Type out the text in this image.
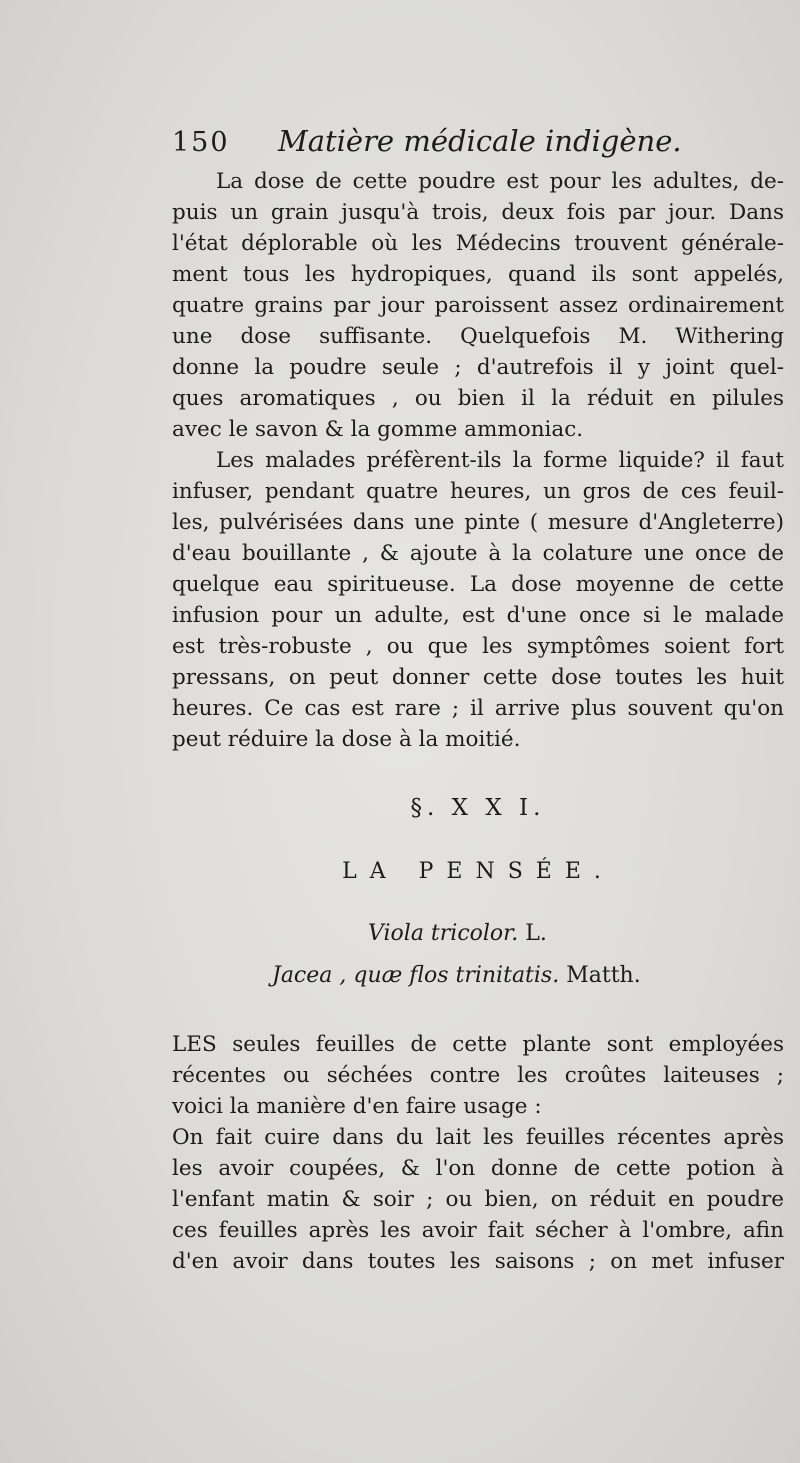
150	Matière médicale indigène.
La dose de cette poudre est pour les adultes, de-
puis un grain jusqu'à trois, deux fois par jour. Dans
l'état déplorable où les Médecins trouvent générale-
ment tous les hydropiques, quand ils sont appelés,
quatre grains par jour paroissent assez ordinairement
une dose suffisante. Quelquefois M. Withering
donne la poudre seule ; d'autrefois il y joint quel-
ques aromatiques , ou bien il la réduit en pilules
avec le savon & la gomme ammoniac.
Les malades préfèrent-ils la forme liquide? il faut
infuser, pendant quatre heures, un gros de ces feuil-
les, pulvérisées dans une pinte ( mesure d'Angleterre)
d'eau bouillante , & ajoute à la colature une once de
quelque eau spiritueuse. La dose moyenne de cette
infusion pour un adulte, est d'une once si le malade
est très-robuste , ou que les symptômes soient fort
pressans, on peut donner cette dose toutes les huit
heures. Ce cas est rare ; il arrive plus souvent qu'on
peut réduire la dose à la moitié.
§. X X I.
LA PENSÉE.
Viola tricolor. L.
Jacea , quæ flos trinitatis. Matth.
LES seules feuilles de cette plante sont employées
récentes ou séchées contre les croûtes laiteuses ;
voici la manière d'en faire usage :
On fait cuire dans du lait les feuilles récentes après
les avoir coupées, & l'on donne de cette potion à
l'enfant matin & soir ; ou bien, on réduit en poudre
ces feuilles après les avoir fait sécher à l'ombre, afin
d'en avoir dans toutes les saisons ; on met infuser
